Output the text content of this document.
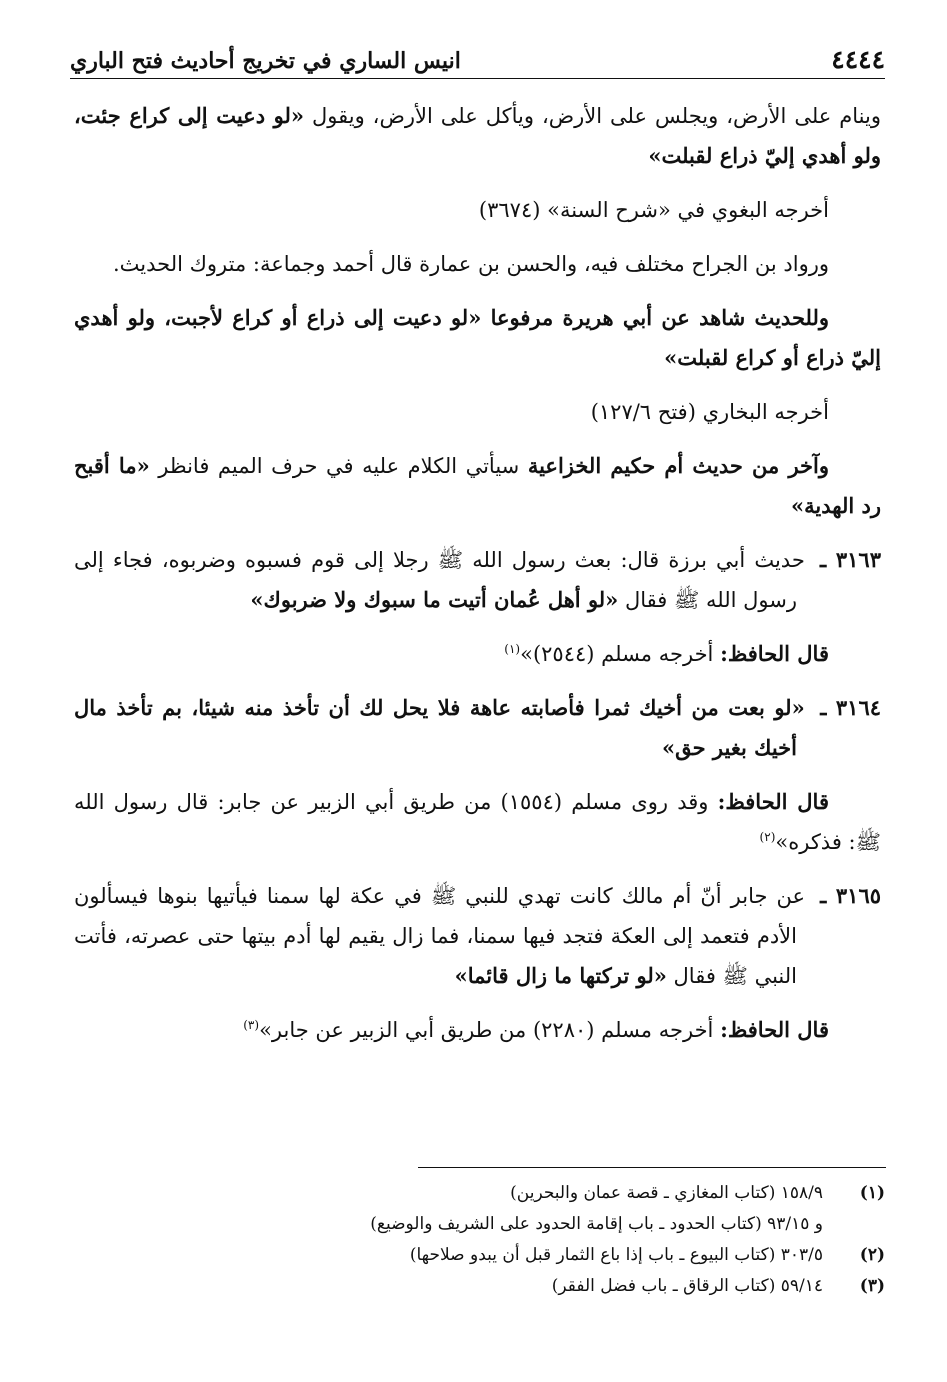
٤٤٤٤
انيس الساري في تخريج أحاديث فتح الباري

وينام على الأرض، ويجلس على الأرض، ويأكل على الأرض، ويقول «لو دعيت إلى كراع جئت، ولو أهدي إليّ ذراع لقبلت»

أخرجه البغوي في «شرح السنة» (٣٦٧٤)

ورواد بن الجراح مختلف فيه، والحسن بن عمارة قال أحمد وجماعة: متروك الحديث.

وللحديث شاهد عن أبي هريرة مرفوعا «لو دعيت إلى ذراع أو كراع لأجبت، ولو أهدي إليّ ذراع أو كراع لقبلت»

أخرجه البخاري (فتح ١٢٧/٦)

وآخر من حديث أم حكيم الخزاعية سيأتي الكلام عليه في حرف الميم فانظر «ما أقبح رد الهدية»

٣١٦٣ ـ حديث أبي برزة قال: بعث رسول الله ﷺ رجلا إلى قوم فسبوه وضربوه، فجاء إلى رسول الله ﷺ فقال «لو أهل عُمان أتيت ما سبوك ولا ضربوك»

قال الحافظ: أخرجه مسلم (٢٥٤٤)»$^{(١)}$

٣١٦٤ ـ «لو بعت من أخيك ثمرا فأصابته عاهة فلا يحل لك أن تأخذ منه شيئا، بم تأخذ مال أخيك بغير حق»

قال الحافظ: وقد روى مسلم (١٥٥٤) من طريق أبي الزبير عن جابر: قال رسول الله ﷺ: فذكره»$^{(٢)}$

٣١٦٥ ـ عن جابر أنّ أم مالك كانت تهدي للنبي ﷺ في عكة لها سمنا فيأتيها بنوها فيسألون الأدم فتعمد إلى العكة فتجد فيها سمنا، فما زال يقيم لها أدم بيتها حتى عصرته، فأتت النبي ﷺ فقال «لو تركتها ما زال قائما»

قال الحافظ: أخرجه مسلم (٢٢٨٠) من طريق أبي الزبير عن جابر»$^{(٣)}$

(١)١٥٨/٩ (كتاب المغازي ـ قصة عمان والبحرين)

و ٩٣/١٥ (كتاب الحدود ـ باب إقامة الحدود على الشريف والوضيع)

(٢)٣٠٣/٥ (كتاب البيوع ـ باب إذا باع الثمار قبل أن يبدو صلاحها)

(٣)٥٩/١٤ (كتاب الرقاق ـ باب فضل الفقر)
